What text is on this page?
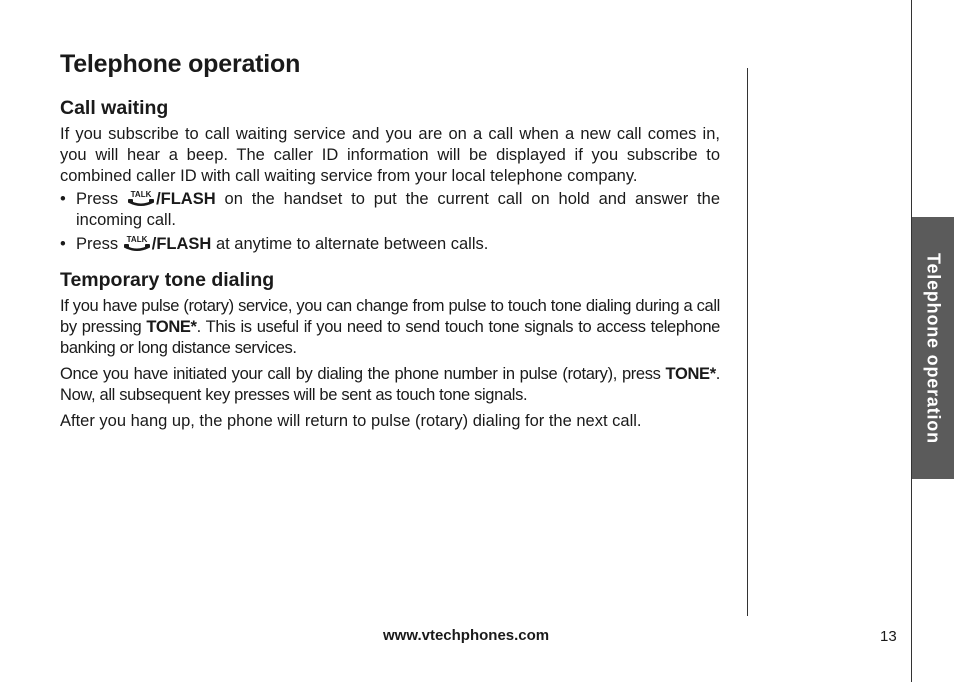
Telephone operation
Call waiting

If you subscribe to call waiting service and you are on a call when a new call comes in, you will hear a beep. The caller ID information will be displayed if you subscribe to combined caller ID with call waiting service from your local telephone company.

• Press TALK /FLASH on the handset to put the current call on hold and answer the incoming call.
• Press TALK /FLASH at anytime to alternate between calls.
Temporary tone dialing

If you have pulse (rotary) service, you can change from pulse to touch tone dialing during a call by pressing TONE*. This is useful if you need to send touch tone signals to access telephone banking or long distance services.

Once you have initiated your call by dialing the phone number in pulse (rotary), press TONE*. Now, all subsequent key presses will be sent as touch tone signals.

After you hang up, the phone will return to pulse (rotary) dialing for the next call.	Telephone operation
www.vtechphones.com	13
